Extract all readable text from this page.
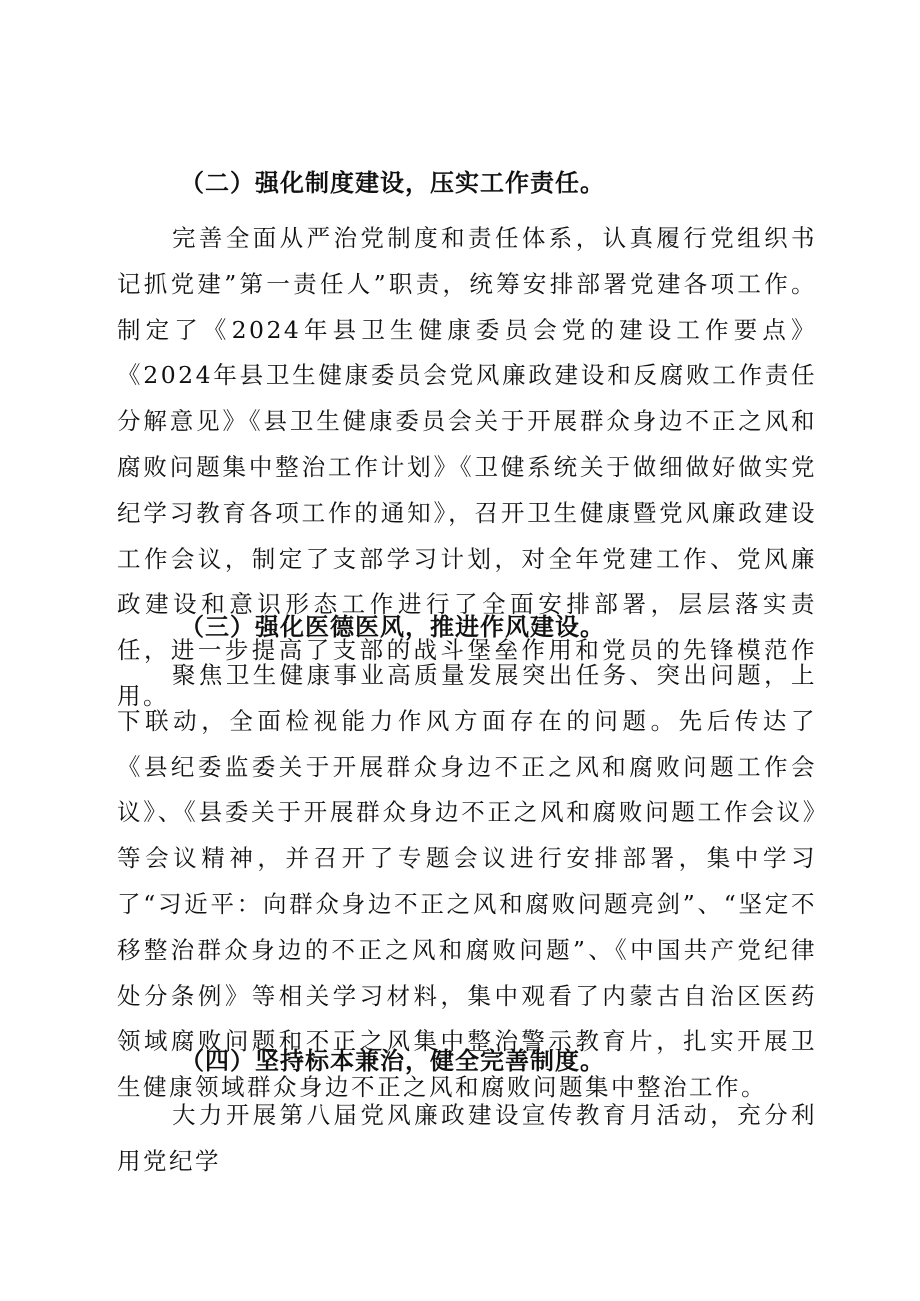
（二）强化制度建设，压实工作责任。

完善全面从严治党制度和责任体系，认真履行党组织书记抓党建”第一责任人”职责，统筹安排部署党建各项工作。制定了《2024年县卫生健康委员会党的建设工作要点》《2024年县卫生健康委员会党风廉政建设和反腐败工作责任分解意见》《县卫生健康委员会关于开展群众身边不正之风和腐败问题集中整治工作计划》《卫健系统关于做细做好做实党纪学习教育各项工作的通知》，召开卫生健康暨党风廉政建设工作会议，制定了支部学习计划，对全年党建工作、党风廉政建设和意识形态工作进行了全面安排部署，层层落实责任，进一步提高了支部的战斗堡垒作用和党员的先锋模范作用。

（三）强化医德医风，推进作风建设。

聚焦卫生健康事业高质量发展突出任务、突出问题，上下联动，全面检视能力作风方面存在的问题。先后传达了《县纪委监委关于开展群众身边不正之风和腐败问题工作会议》、《县委关于开展群众身边不正之风和腐败问题工作会议》等会议精神，并召开了专题会议进行安排部署，集中学习了“习近平：向群众身边不正之风和腐败问题亮剑”、“坚定不移整治群众身边的不正之风和腐败问题”、《中国共产党纪律处分条例》等相关学习材料，集中观看了内蒙古自治区医药领域腐败问题和不正之风集中整治警示教育片，扎实开展卫生健康领域群众身边不正之风和腐败问题集中整治工作。

（四）坚持标本兼治，健全完善制度。

大力开展第八届党风廉政建设宣传教育月活动，充分利用党纪学
